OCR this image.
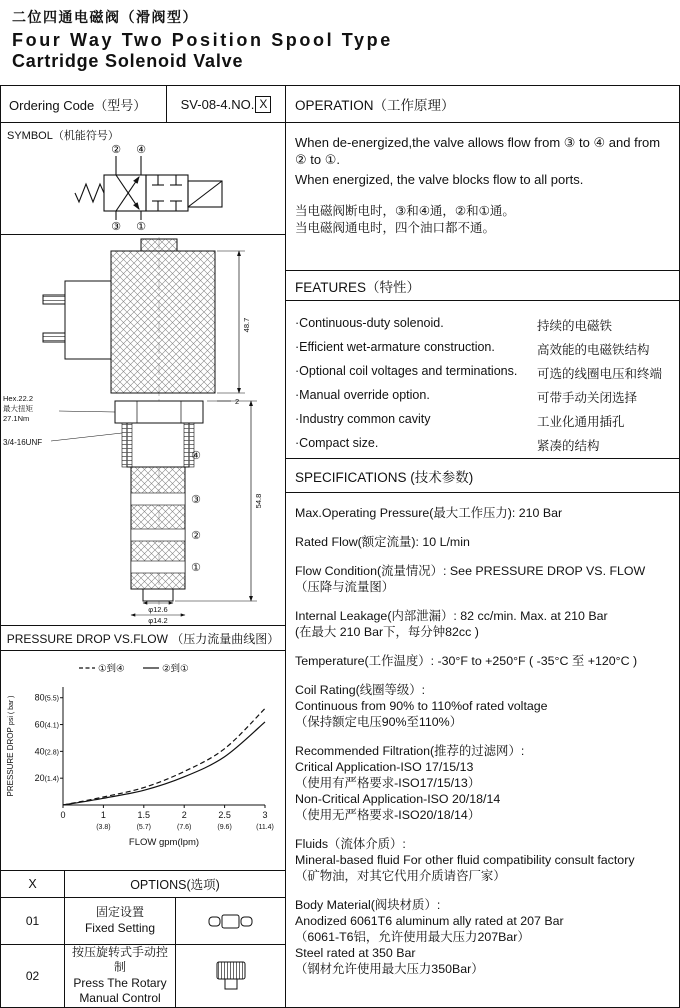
二位四通电磁阀（滑阀型）
Four Way Two Position Spool Type
Cartridge Solenoid Valve
Ordering Code（型号）	SV-08-4.NO. X
SYMBOL（机能符号）
② ④
③ ①
48.7
2
Hex.22.2
最大扭矩
27.1Nm
3/4-16UNF
④
③
②
①
54.8
φ12.6
φ14.2
PRESSURE DROP VS.FLOW （压力流量曲线图）
20(1.4)
40(2.8)
60(4.1)
80(5.5)
0	1
(3.8)
1.5
(5.7)
2
(7.6)
2.5
(9.6)
3
(11.4)
FLOW gpm(lpm)
PRESSURE DROP psi ( bar )
①到④	②到①
X	OPTIONS(选项)
01
固定设置
Fixed Setting
02
按压旋转式手动控制
Press The Rotary
Manual Control
OPERATION（工作原理）
When de-energized,the valve allows flow from ③ to ④ and from ② to ①.
When energized, the valve blocks flow to all ports.
当电磁阀断电时，③和④通，②和①通。
当电磁阀通电时，四个油口都不通。
FEATURES（特性）
·Continuous-duty solenoid.	持续的电磁铁
·Efficient wet-armature construction.	高效能的电磁铁结构
·Optional coil voltages and terminations.	可选的线圈电压和终端
·Manual override option.	可带手动关闭选择
·Industry common cavity	工业化通用插孔
·Compact size.	紧凑的结构
SPECIFICATIONS (技术参数)
Max.Operating Pressure(最大工作压力): 210 Bar
Rated Flow(额定流量): 10 L/min
Flow Condition(流量情况）: See PRESSURE DROP VS. FLOW
（压降与流量图）
Internal Leakage(内部泄漏）: 82 cc/min. Max. at 210 Bar
(在最大 210 Bar下，每分钟82cc )
Temperature(工作温度）: -30°F to +250°F ( -35°C 至 +120°C )
Coil Rating(线圈等级）:
Continuous from 90% to 110%of rated voltage
（保持额定电压90%至110%）
Recommended Filtration(推荐的过滤网）:
Critical Application-ISO 17/15/13
（使用有严格要求-ISO17/15/13）
Non-Critical Application-ISO 20/18/14
（使用无严格要求-ISO20/18/14）
Fluids（流体介质）:
Mineral-based fluid For other fluid compatibility consult factory
（矿物油，对其它代用介质请咨厂家）
Body Material(阀块材质）:
Anodized 6061T6 aluminum ally rated at 207 Bar
（6061-T6铝，允许使用最大压力207Bar）
Steel rated at 350 Bar
（钢材允许使用最大压力350Bar）
